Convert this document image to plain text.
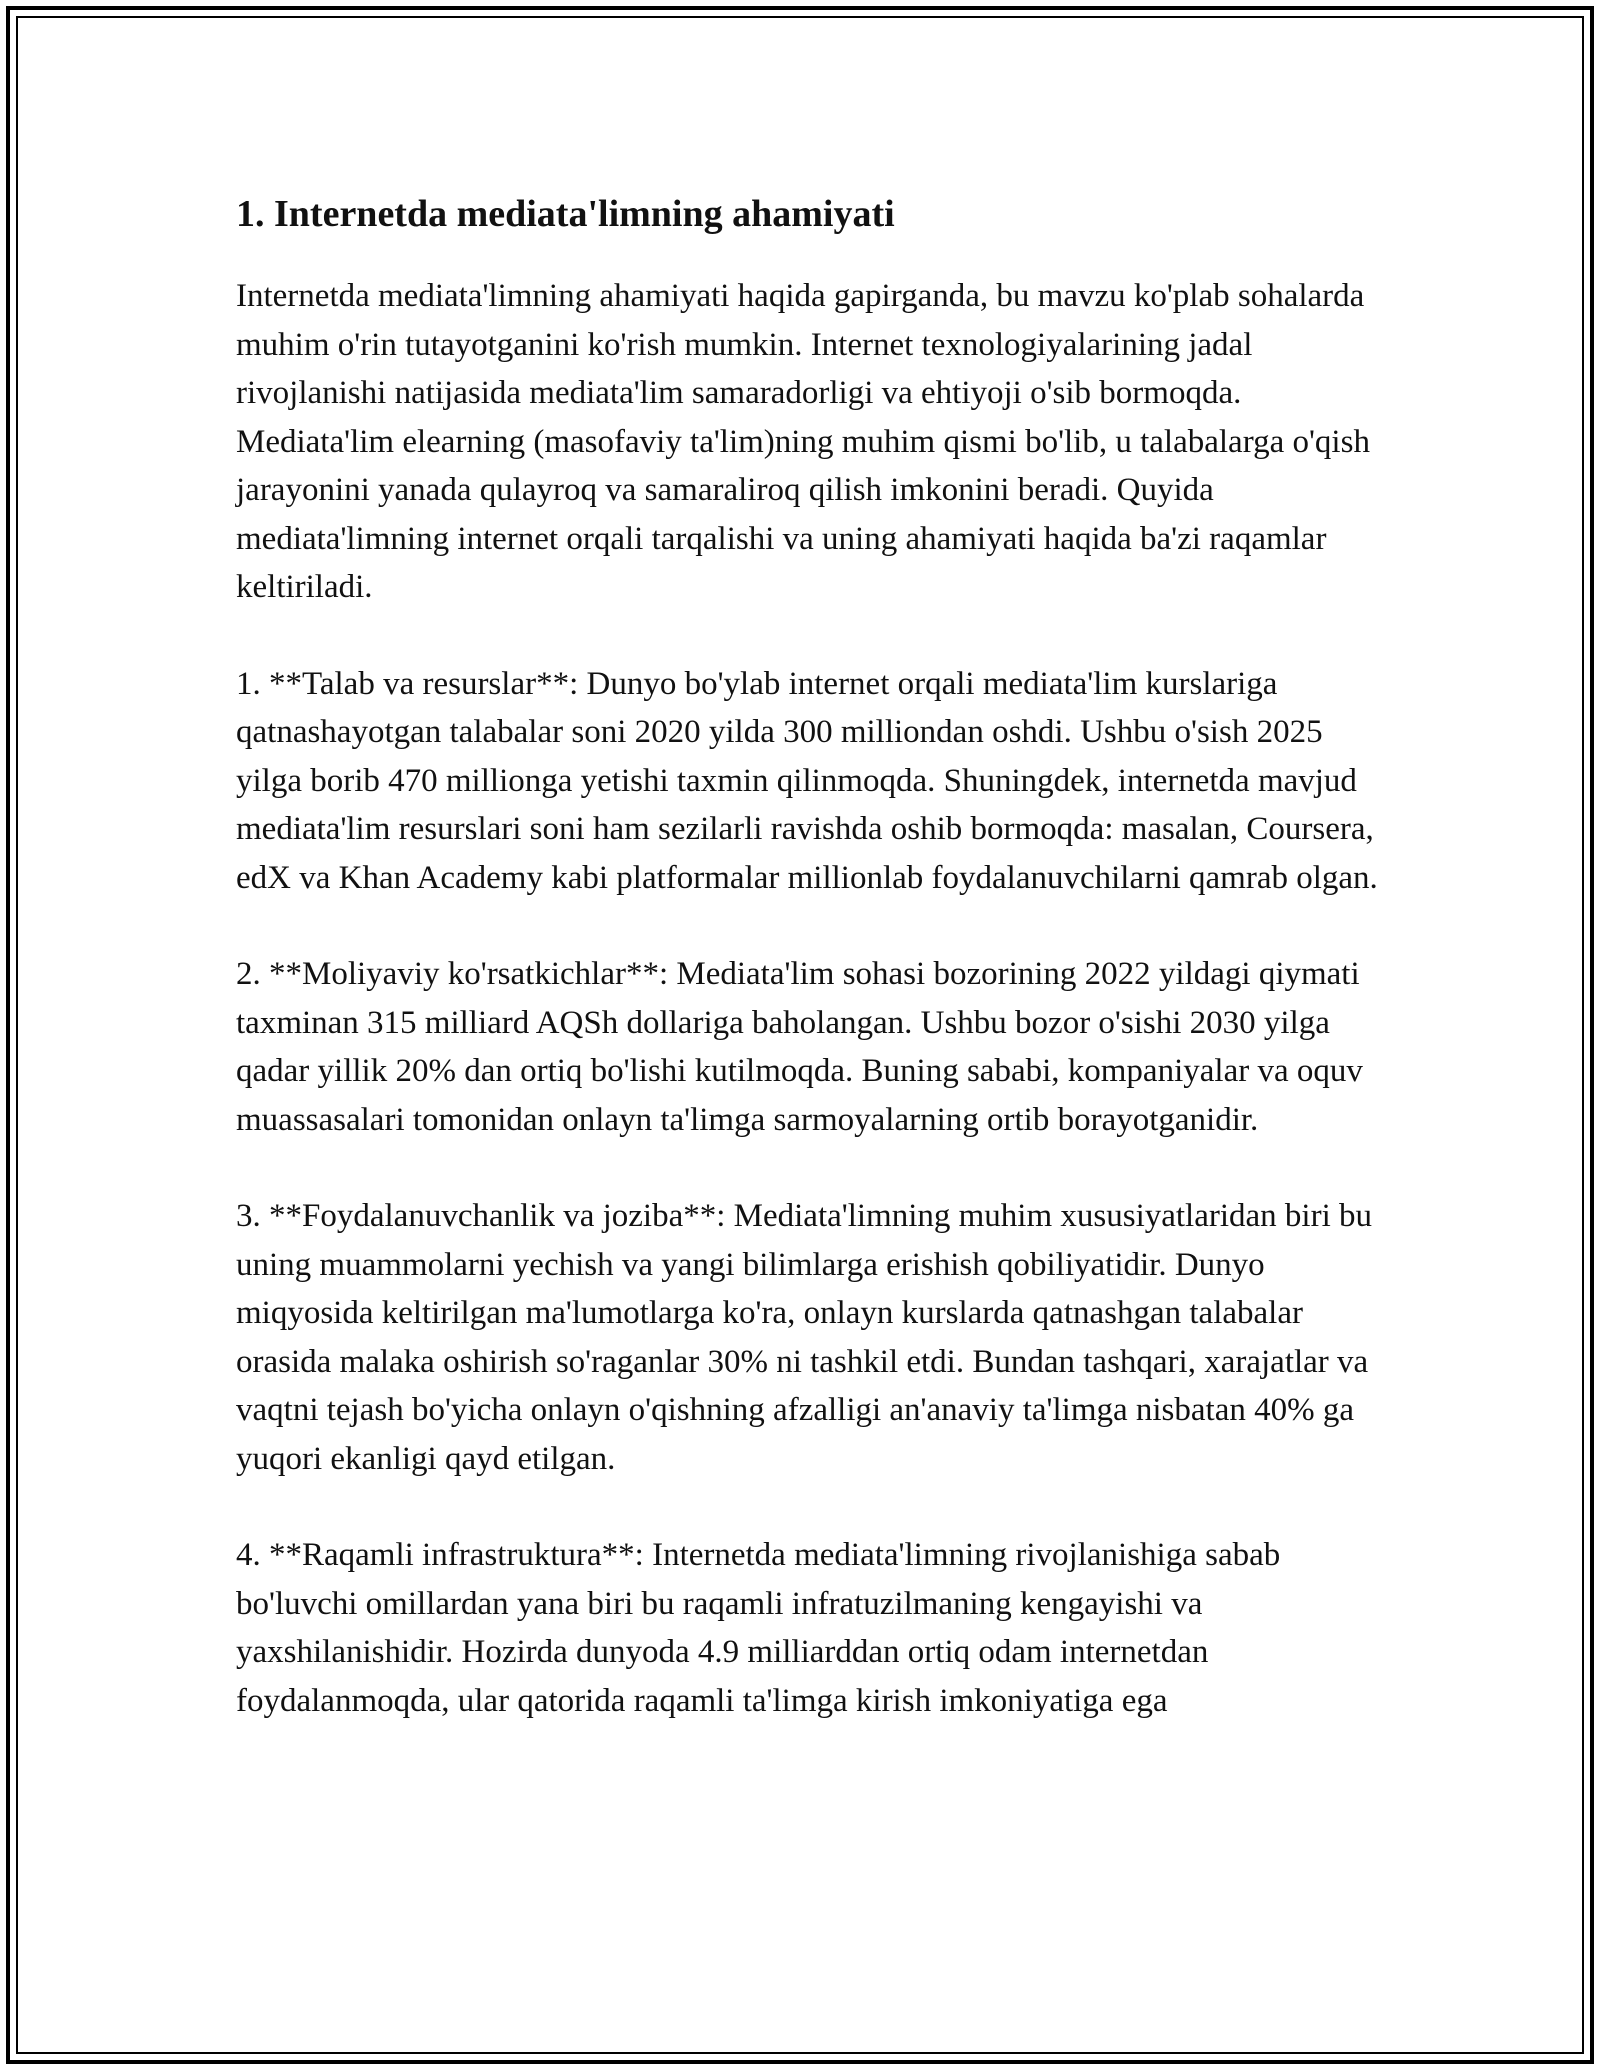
1. Internetda mediata'limning ahamiyati

Internetda mediata'limning ahamiyati haqida gapirganda, bu mavzu ko'plab sohalarda muhim o'rin tutayotganini ko'rish mumkin. Internet texnologiyalarining jadal rivojlanishi natijasida mediata'lim samaradorligi va ehtiyoji o'sib bormoqda. Mediata'lim elearning (masofaviy ta'lim)ning muhim qismi bo'lib, u talabalarga o'qish jarayonini yanada qulayroq va samaraliroq qilish imkonini beradi. Quyida mediata'limning internet orqali tarqalishi va uning ahamiyati haqida ba'zi raqamlar keltiriladi.

1. **Talab va resurslar**: Dunyo bo'ylab internet orqali mediata'lim kurslariga qatnashayotgan talabalar soni 2020 yilda 300 milliondan oshdi. Ushbu o'sish 2025 yilga borib 470 millionga yetishi taxmin qilinmoqda. Shuningdek, internetda mavjud mediata'lim resurslari soni ham sezilarli ravishda oshib bormoqda: masalan, Coursera, edX va Khan Academy kabi platformalar millionlab foydalanuvchilarni qamrab olgan.

2. **Moliyaviy ko'rsatkichlar**: Mediata'lim sohasi bozorining 2022 yildagi qiymati taxminan 315 milliard AQSh dollariga baholangan. Ushbu bozor o'sishi 2030 yilga qadar yillik 20% dan ortiq bo'lishi kutilmoqda. Buning sababi, kompaniyalar va oquv muassasalari tomonidan onlayn ta'limga sarmoyalarning ortib borayotganidir.

3. **Foydalanuvchanlik va joziba**: Mediata'limning muhim xususiyatlaridan biri bu uning muammolarni yechish va yangi bilimlarga erishish qobiliyatidir. Dunyo miqyosida keltirilgan ma'lumotlarga ko'ra, onlayn kurslarda qatnashgan talabalar orasida malaka oshirish so'raganlar 30% ni tashkil etdi. Bundan tashqari, xarajatlar va vaqtni tejash bo'yicha onlayn o'qishning afzalligi an'anaviy ta'limga nisbatan 40% ga yuqori ekanligi qayd etilgan.

4. **Raqamli infrastruktura**: Internetda mediata'limning rivojlanishiga sabab bo'luvchi omillardan yana biri bu raqamli infratuzilmaning kengayishi va yaxshilanishidir. Hozirda dunyoda 4.9 milliarddan ortiq odam internetdan foydalanmoqda, ular qatorida raqamli ta'limga kirish imkoniyatiga ega
